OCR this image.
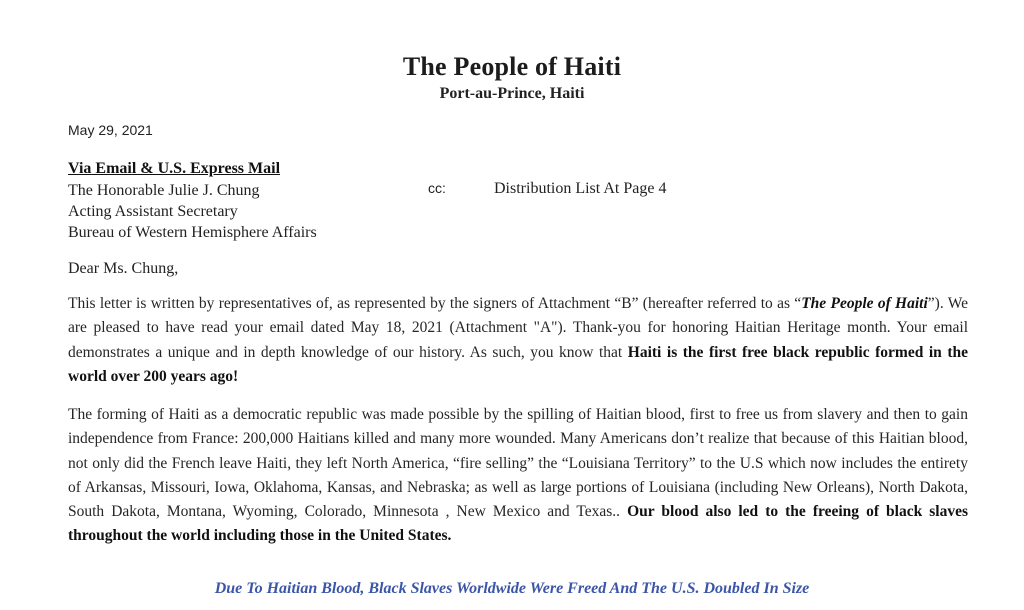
The People of Haiti
Port-au-Prince, Haiti
May 29, 2021
Via Email & U.S. Express Mail
The Honorable Julie J. Chung
Acting Assistant Secretary
Bureau of Western Hemisphere Affairs
cc:	Distribution List At Page 4
Dear Ms. Chung,
This letter is written by representatives of, as represented by the signers of Attachment “B” (hereafter referred to as “The People of Haiti”). We are pleased to have read your email dated May 18, 2021 (Attachment "A"). Thank-you for honoring Haitian Heritage month. Your email demonstrates a unique and in depth knowledge of our history. As such, you know that Haiti is the first free black republic formed in the world over 200 years ago!
The forming of Haiti as a democratic republic was made possible by the spilling of Haitian blood, first to free us from slavery and then to gain independence from France: 200,000 Haitians killed and many more wounded. Many Americans don’t realize that because of this Haitian blood, not only did the French leave Haiti, they left North America, “fire selling” the “Louisiana Territory” to the U.S which now includes the entirety of Arkansas, Missouri, Iowa, Oklahoma, Kansas, and Nebraska; as well as large portions of Louisiana (including New Orleans), North Dakota, South Dakota, Montana, Wyoming, Colorado, Minnesota , New Mexico and Texas.. Our blood also led to the freeing of black slaves throughout the world including those in the United States.
Due To Haitian Blood, Black Slaves Worldwide Were Freed And The U.S. Doubled In Size
